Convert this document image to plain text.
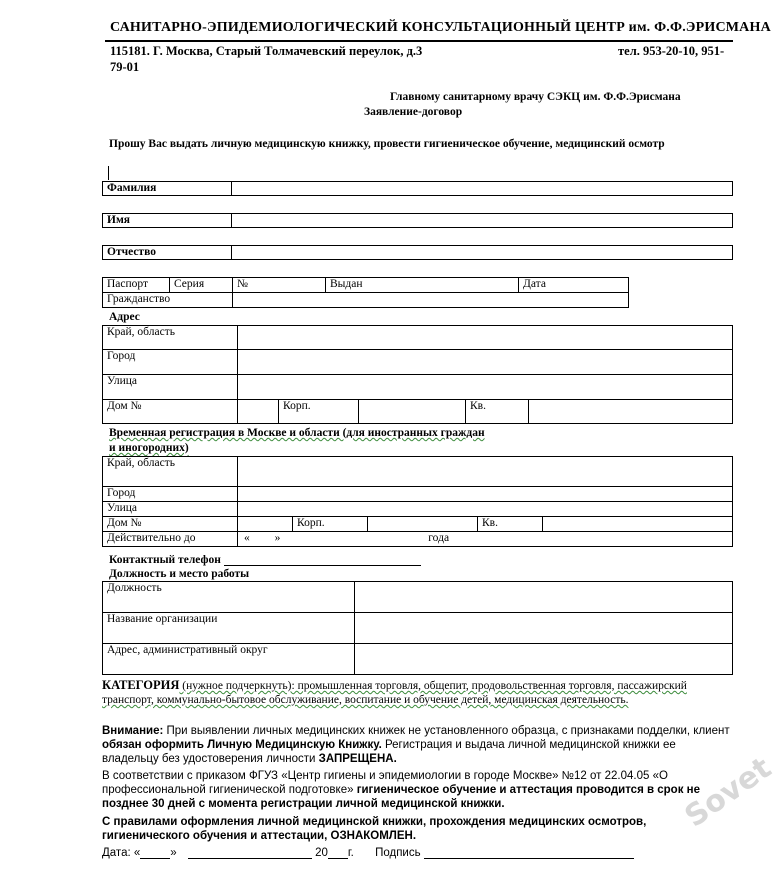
САНИТАРНО-ЭПИДЕМИОЛОГИЧЕСКИЙ КОНСУЛЬТАЦИОННЫЙ ЦЕНТР им. Ф.Ф.ЭРИСМАНА
115181. Г. Москва, Старый Толмачевский переулок, д.3	тел. 953-20-10, 951-
79-01
Главному санитарному врачу СЭКЦ им. Ф.Ф.Эрисмана
Заявление-договор
Прошу Вас выдать личную медицинскую книжку, провести гигиеническое обучение, медицинский осмотр
Фамилия	
Имя	
Отчество	
Паспорт	Серия	№	Выдан	Дата
Гражданство				
Адрес
Край, область					
Город					
Улица					
Дом №		Корп.		Кв.	
Временная регистрация в Москве и области (для иностранных граждан
и иногородних)
Край, область					
Город					
Улица					
Дом №		Корп.		Кв.	
Действительно до	« » года				
Контактный телефон
Должность и место работы
Должность	
Название организации	
Адрес, административный округ	
КАТЕГОРИЯ (нужное подчеркнуть): промышленная торговля, общепит, продовольственная торговля, пассажирский транспорт, коммунально-бытовое обслуживание, воспитание и обучение детей, медицинская деятельность.
Внимание: При выявлении личных медицинских книжек не установленного образца, с признаками подделки, клиент обязан оформить Личную Медицинскую Книжку. Регистрация и выдача личной медицинской книжки ее владельцу без удостоверения личности ЗАПРЕЩЕНА.
В соответствии с приказом ФГУЗ «Центр гигиены и эпидемиологии в городе Москве» №12 от 22.04.05 «О профессиональной гигиенической подготовке» гигиеническое обучение и аттестация проводится в срок не позднее 30 дней с момента регистрации личной медицинской книжки.
С правилами оформления личной медицинской книжки, прохождения медицинских осмотров, гигиенического обучения и аттестации, ОЗНАКОМЛЕН.
Дата: «	»	20 г. Подпись
Sovet
